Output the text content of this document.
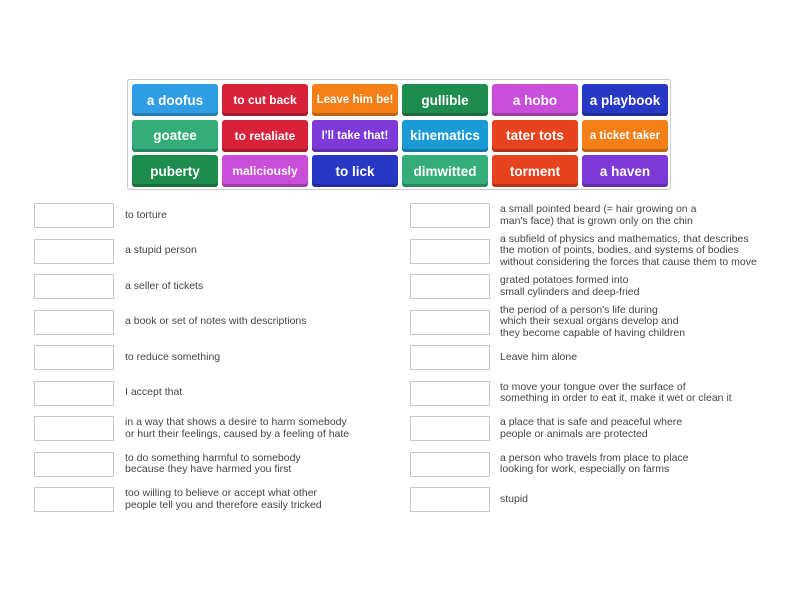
a doofus	to cut back	Leave him be!	gullible	a hobo	a playbook
goatee	to retaliate	I'll take that!	kinematics	tater tots	a ticket taker
puberty	maliciously	to lick	dimwitted	torment	a haven
to torture
a stupid person
a seller of tickets
a book or set of notes with descriptions
to reduce something
I accept that
in a way that shows a desire to harm somebody
or hurt their feelings, caused by a feeling of hate
to do something harmful to somebody
because they have harmed you first
too willing to believe or accept what other
people tell you and therefore easily tricked
a small pointed beard (= hair growing on a
man's face) that is grown only on the chin
a subfield of physics and mathematics, that describes
the motion of points, bodies, and systems of bodies
without considering the forces that cause them to move
grated potatoes formed into
small cylinders and deep-fried
the period of a person's life during
which their sexual organs develop and
they become capable of having children
Leave him alone
to move your tongue over the surface of
something in order to eat it, make it wet or clean it
a place that is safe and peaceful where
people or animals are protected
a person who travels from place to place
looking for work, especially on farms
stupid
